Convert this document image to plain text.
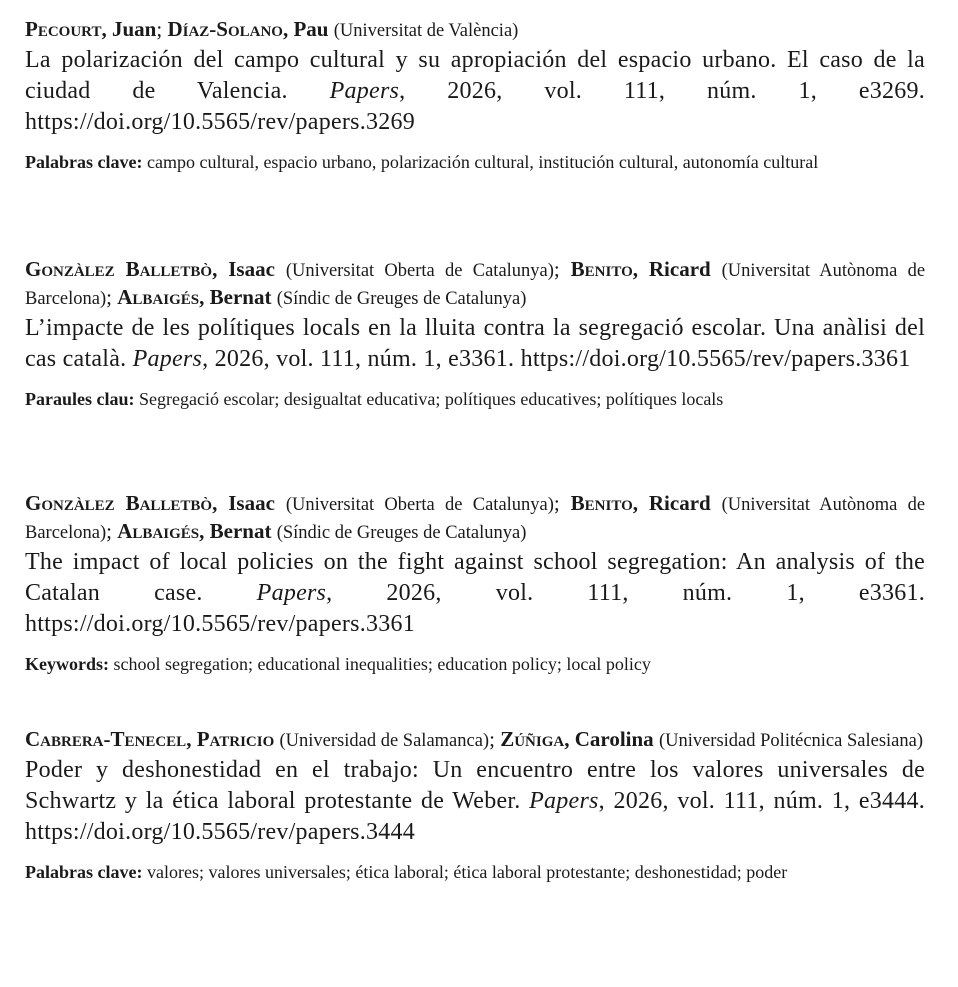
Pecourt, Juan; Díaz-Solano, Pau (Universitat de València)
La polarización del campo cultural y su apropiación del espacio urbano. El caso de la ciudad de Valencia. Papers, 2026, vol. 111, núm. 1, e3269. https://doi.org/10.5565/rev/papers.3269
Palabras clave: campo cultural, espacio urbano, polarización cultural, institución cultural, autonomía cultural
Gonzàlez Balletbò, Isaac (Universitat Oberta de Catalunya); Benito, Ricard (Universitat Autònoma de Barcelona); Albaigés, Bernat (Síndic de Greuges de Catalunya)
L’impacte de les polítiques locals en la lluita contra la segregació escolar. Una anàlisi del cas català. Papers, 2026, vol. 111, núm. 1, e3361. https://doi.org/10.5565/rev/papers.3361
Paraules clau: Segregació escolar; desigualtat educativa; polítiques educatives; polítiques locals
Gonzàlez Balletbò, Isaac (Universitat Oberta de Catalunya); Benito, Ricard (Universitat Autònoma de Barcelona); Albaigés, Bernat (Síndic de Greuges de Catalunya)
The impact of local policies on the fight against school segregation: An analysis of the Catalan case. Papers, 2026, vol. 111, núm. 1, e3361. https://doi.org/10.5565/rev/papers.3361
Keywords: school segregation; educational inequalities; education policy; local policy
Cabrera-Tenecel, Patricio (Universidad de Salamanca); Zúñiga, Carolina (Universidad Politécnica Salesiana)
Poder y deshonestidad en el trabajo: Un encuentro entre los valores universales de Schwartz y la ética laboral protestante de Weber. Papers, 2026, vol. 111, núm. 1, e3444. https://doi.org/10.5565/rev/papers.3444
Palabras clave: valores; valores universales; ética laboral; ética laboral protestante; deshonestidad; poder
